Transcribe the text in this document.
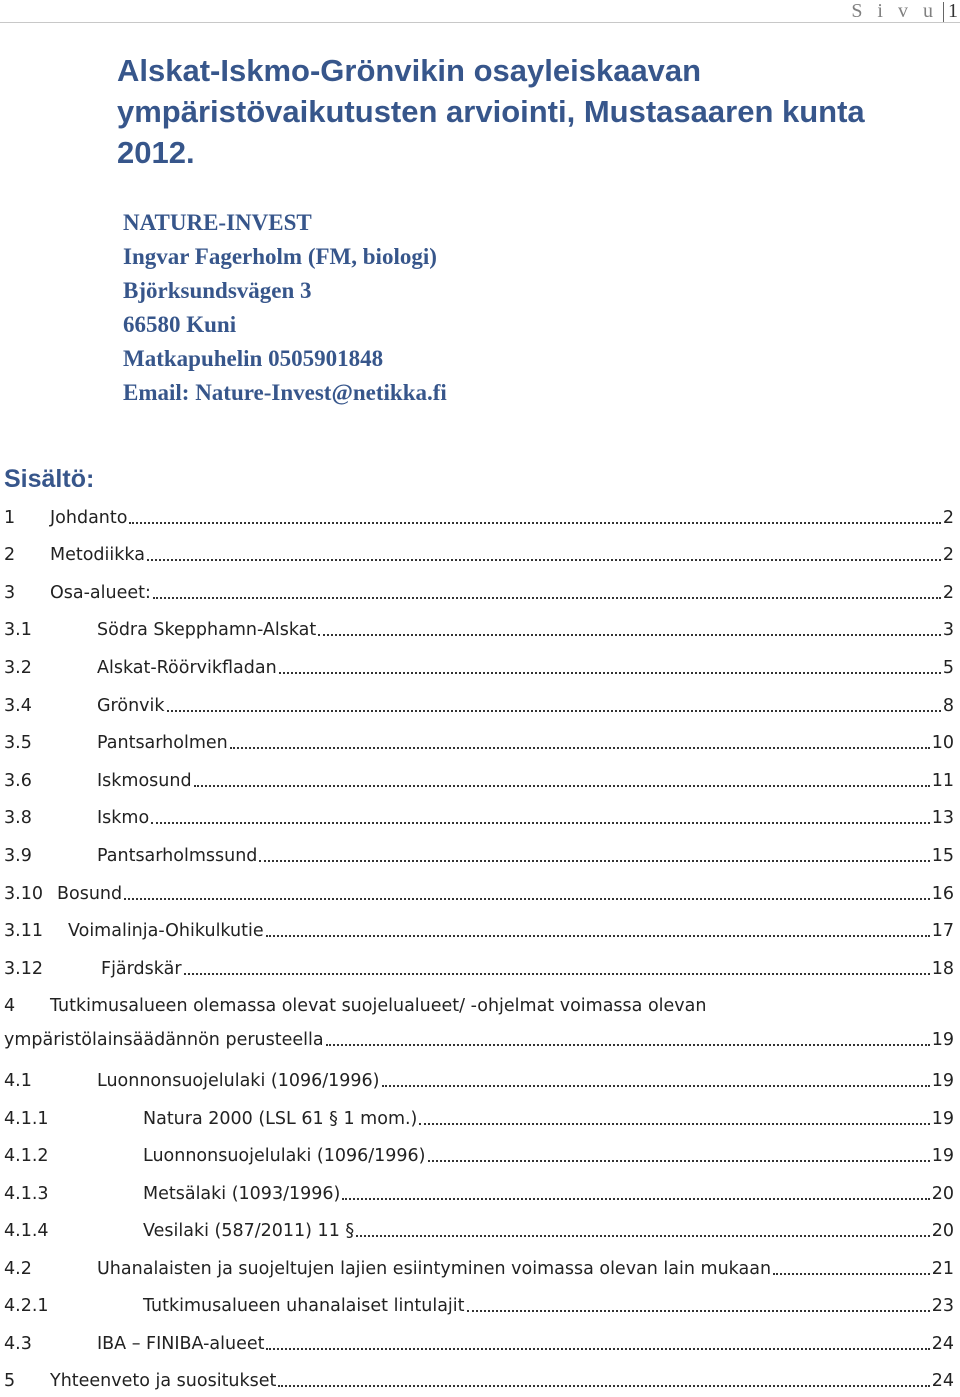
S i v u 1
Alskat-Iskmo-Grönvikin osayleiskaavan
ympäristövaikutusten arviointi, Mustasaaren kunta
2012.
NATURE-INVEST
Ingvar Fagerholm (FM, biologi)
Björksundsvägen 3
66580 Kuni
Matkapuhelin 0505901848
Email: Nature-Invest@netikka.fi
Sisältö:
1	Johdanto	2
2	Metodiikka	2
3	Osa-alueet:	2
3.1	Södra Skepphamn-Alskat	3
3.2	Alskat-Röörvikfladan	5
3.4	Grönvik	8
3.5	Pantsarholmen	10
3.6	Iskmosund	11
3.8	Iskmo	13
3.9	Pantsarholmssund	15
3.10 Bosund	16
3.11	Voimalinja-Ohikulkutie	17
3.12	Fjärdskär	18
4 Tutkimusalueen olemassa olevat suojelualueet/ -ohjelmat voimassa olevan
ympäristölainsäädännön perusteella	19
4.1	Luonnonsuojelulaki (1096/1996)	19
4.1.1	Natura 2000 (LSL 61 § 1 mom.)	19
4.1.2	Luonnonsuojelulaki (1096/1996)	19
4.1.3	Metsälaki (1093/1996)	20
4.1.4	Vesilaki (587/2011) 11 §	20
4.2	Uhanalaisten ja suojeltujen lajien esiintyminen voimassa olevan lain mukaan	21
4.2.1	Tutkimusalueen uhanalaiset lintulajit	23
4.3	IBA – FINIBA-alueet	24
5	Yhteenveto ja suositukset	24
